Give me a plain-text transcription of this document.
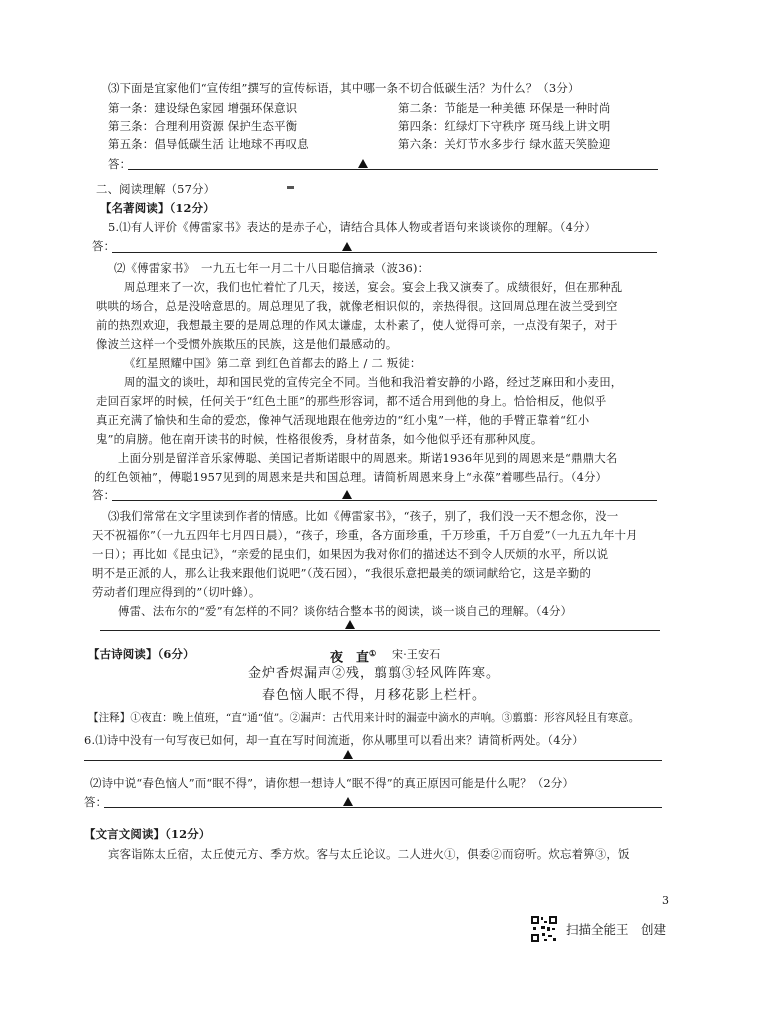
⑶下面是宜家他们“宣传组”撰写的宣传标语，其中哪一条不切合低碳生活？为什么？（3分）
第一条：建设绿色家园 增强环保意识	第二条：节能是一种美德 环保是一种时尚
第三条：合理利用资源 保护生态平衡	第四条：红绿灯下守秩序 斑马线上讲文明
第五条：倡导低碳生活 让地球不再叹息	第六条：关灯节水多步行 绿水蓝天笑脸迎
答：
二、阅读理解（57分）
【名著阅读】（12分）
5.⑴有人评价《傅雷家书》表达的是赤子心，请结合具体人物或者语句来谈谈你的理解。（4分）
答：
⑵《傅雷家书》　一九五七年一月二十八日聪信摘录（波36)：
周总理来了一次，我们也忙着忙了几天，接送，宴会。宴会上我又演奏了。成绩很好，但在那种乱
哄哄的场合，总是没啥意思的。周总理见了我，就像老相识似的，亲热得很。这回周总理在波兰受到空
前的热烈欢迎，我想最主要的是周总理的作风太谦虚，太朴素了，使人觉得可亲，一点没有架子，对于
像波兰这样一个受惯外族欺压的民族，这是他们最感动的。
《红星照耀中国》第二章 到红色首都去的路上 / 二 叛徒：
周的温文的谈吐，却和国民党的宣传完全不同。当他和我沿着安静的小路，经过芝麻田和小麦田，
走回百家坪的时候，任何关于“红色土匪”的那些形容词，都不适合用到他的身上。恰恰相反，他似乎
真正充满了愉快和生命的爱恋，像神气活现地跟在他旁边的“红小鬼”一样，他的手臂正靠着“红小
鬼”的肩膀。他在南开读书的时候，性格很俊秀，身材苗条，如今他似乎还有那种风度。
上面分别是留洋音乐家傅聪、美国记者斯诺眼中的周恩来。斯诺1936年见到的周恩来是“鼎鼎大名
的红色领袖”，傅聪1957见到的周恩来是共和国总理。请简析周恩来身上“永葆”着哪些品行。（4分）
答：
⑶我们常常在文字里读到作者的情感。比如《傅雷家书》，“孩子，别了，我们没一天不想念你，没一
天不祝福你”（一九五四年七月四日晨），“孩子，珍重，各方面珍重，千万珍重，千万自爱”（一九五九年十月
一日）；再比如《昆虫记》，“亲爱的昆虫们，如果因为我对你们的描述达不到令人厌烦的水平，所以说
明不是正派的人，那么让我来跟他们说吧”（茂石园），“我很乐意把最美的颂词献给它，这是辛勤的
劳动者们理应得到的”（切叶蜂）。
傅雷、法布尔的“爱”有怎样的不同？谈你结合整本书的阅读，谈一谈自己的理解。（4分）
【古诗阅读】（6分）	夜　直① 宋·王安石
金炉香烬漏声②残，翦翦③轻风阵阵寒。
春色恼人眠不得，月移花影上栏杆。
【注释】①夜直：晚上值班，“直”通“值”。②漏声：古代用来计时的漏壶中滴水的声响。③翦翦：形容风轻且有寒意。
6.⑴诗中没有一句写夜已如何，却一直在写时间流逝，你从哪里可以看出来？请简析两处。（4分）
⑵诗中说“春色恼人”而“眠不得”，请你想一想诗人“眠不得”的真正原因可能是什么呢？（2分）
答：
【文言文阅读】（12分）
宾客诣陈太丘宿，太丘使元方、季方炊。客与太丘论议。二人进火①，俱委②而窃听。炊忘着箅③，饭
3
扫描全能王　创建
